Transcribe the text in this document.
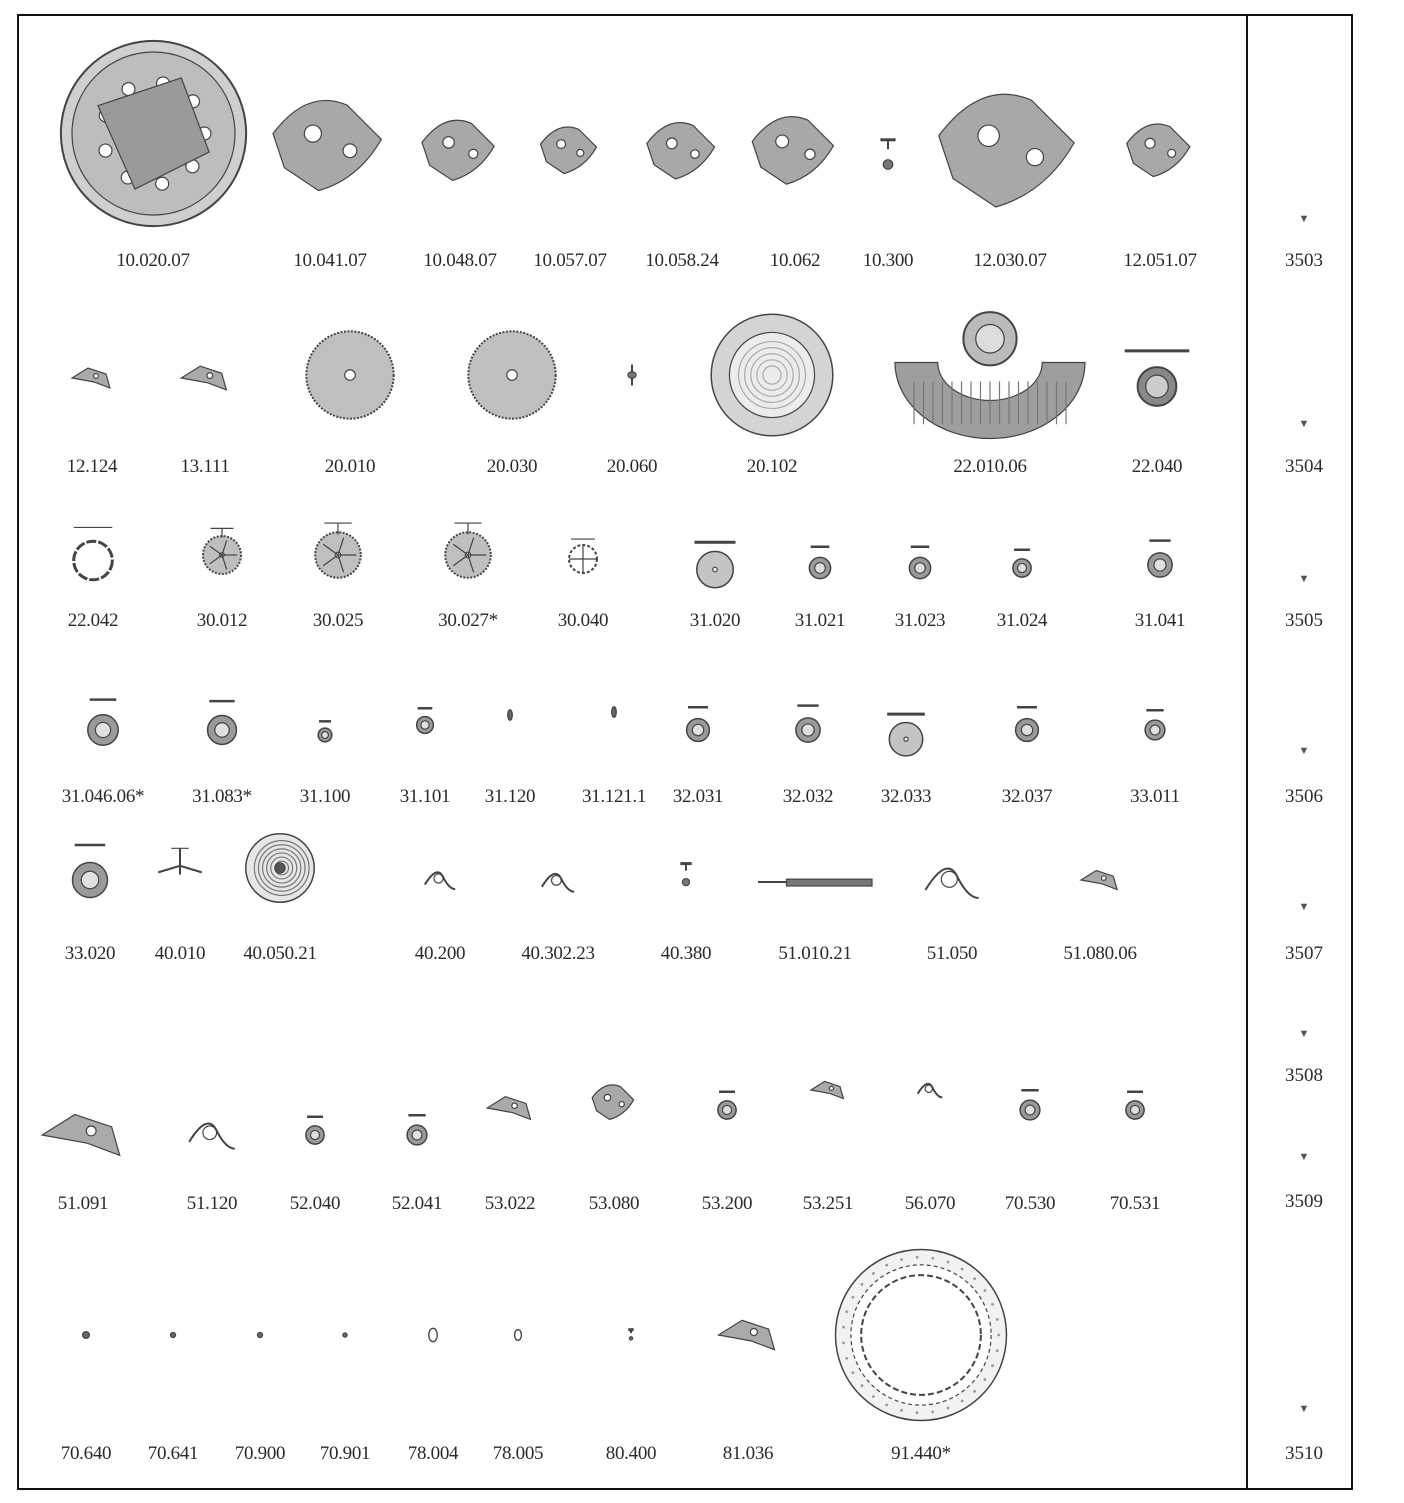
10.020.07	10.041.07	10.048.07 10.057.07 10.058.24	10.062 10.300	12.030.07	12.051.07
12.124	13.111	20.010	20.030	20.060	20.102	22.010.06	22.040
22.042	30.012	30.025	30.027*	30.040	31.020	31.021	31.023	31.024	31.041
31.046.06*	31.083*	31.100	31.101 31.120 31.121.1 32.031	32.032	32.033	32.037	33.011
33.020 40.010 40.050.21	40.200	40.302.23	40.380	51.010.21	51.050	51.080.06
51.091	51.120	52.040	52.041 53.022	53.080	53.200	53.251	56.070	70.530	70.531
70.640 70.641 70.900 70.901 78.004 78.005	80.400	81.036	91.440*
▼
3503
▼
3504
▼
3505
▼
3506
▼
3507
▼
3508
▼
3509
▼
3510
